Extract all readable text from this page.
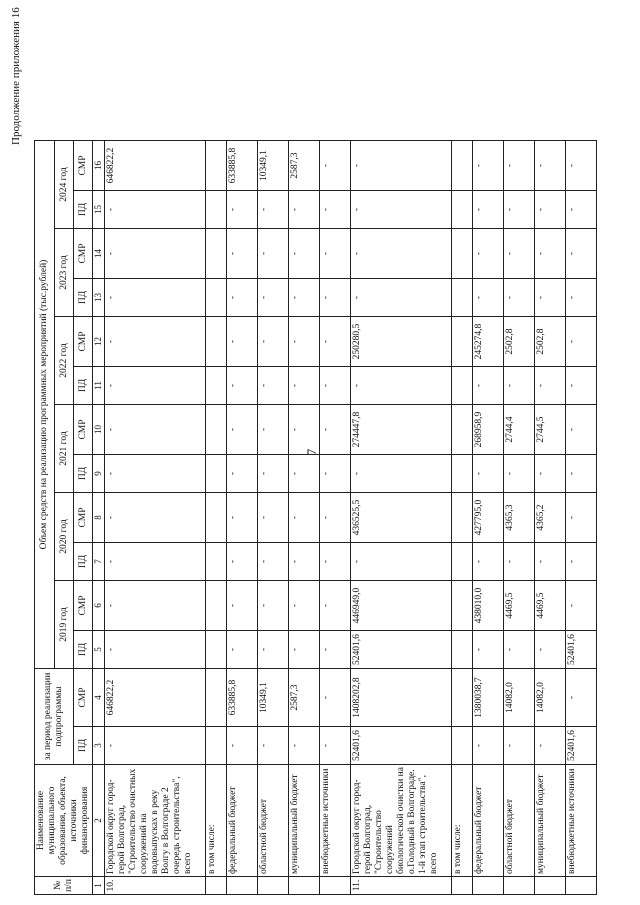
7
Продолжение приложения 16
№ п/п	Наименование муниципального образования, объекта, источники финансирования	за период реализации подпрограммы		Объем средств на реализацию программных мероприятий (тыс.рублей)											
				2019 год		2020 год		2021 год		2022 год		2023 год		2024 год	
		ПД	СМР	ПД	СМР	ПД	СМР	ПД	СМР	ПД	СМР	ПД	СМР	ПД	СМР
1	2	3	4	5	6	7	8	9	10	11	12	13	14	15	16
10.	Городской округ город-герой Волгоград, "Строительство очистных сооружений на водовыпусках в реку Волгу в Волгограде 2 очередь строительства", всего	-	646822,2	-	-	-	-	-	-	-	-	-	-	-	646822,2
	в том числе:														
	федеральный бюджет	-	633885,8	-	-	-	-	-	-	-	-	-	-	-	633885,8
	областной бюджет	-	10349,1	-	-	-	-	-	-	-	-	-	-	-	10349,1
	муниципальный бюджет	-	2587,3	-	-	-	-	-	-	-	-	-	-	-	2587,3
	внебюджетные источники	-	-	-	-	-	-	-	-	-	-	-	-	-	-
11.	Городской округ город-герой Волгоград, "Строительство сооружений биологической очистки на о.Голодный в Волгограде. 1-й этап строительства", всего	52401,6	1408202,8	52401,6	446949,0	-	436525,5	-	274447,8	-	250280,5	-	-	-	-
	в том числе:														
	федеральный бюджет	-	1380038,7	-	438010,0	-	427795,0	-	268958,9	-	245274,8	-	-	-	-
	областной бюджет	-	14082,0	-	4469,5	-	4365,3	-	2744,4	-	2502,8	-	-	-	-
	муниципальный бюджет	-	14082,0	-	4469,5	-	4365,2	-	2744,5	-	2502,8	-	-	-	-
	внебюджетные источники	52401,6	-	52401,6	-	-	-	-	-	-	-	-	-	-	-
